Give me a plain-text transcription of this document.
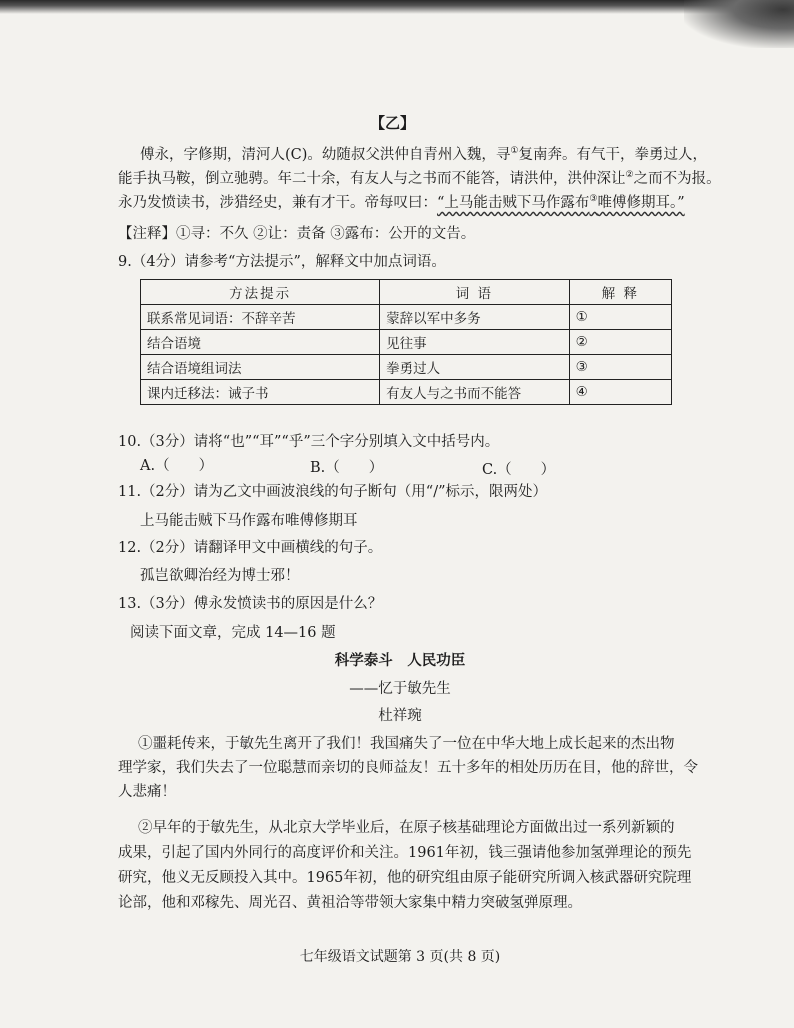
【乙】
傅永，字修期，清河人(C)。幼随叔父洪仲自青州入魏，寻①复南奔。有气干，拳勇过人，
能手执马鞍，倒立驰骋。年二十余，有友人与之书而不能答，请洪仲，洪仲深让②之而不为报。
永乃发愤读书，涉猎经史，兼有才干。帝每叹曰：“上马能击贼下马作露布③唯傅修期耳。”
【注释】①寻：不久 ②让：责备 ③露布：公开的文告。
9.（4分）请参考“方法提示”，解释文中加点词语。
方法提示	词 语	解 释
联系常见词语：不辞辛苦	蒙辞以军中多务	①
结合语境	见往事	②
结合语境组词法	拳勇过人	③
课内迁移法：诫子书	有友人与之书而不能答	④
10.（3分）请将“也”“耳”“乎”三个字分别填入文中括号内。
A.（　　）	B.（　　）	C.（　　）
11.（2分）请为乙文中画波浪线的句子断句（用“/”标示，限两处）
上马能击贼下马作露布唯傅修期耳
12.（2分）请翻译甲文中画横线的句子。
孤岂欲卿治经为博士邪！
13.（3分）傅永发愤读书的原因是什么？
阅读下面文章，完成 14—16 题
科学泰斗　人民功臣
——忆于敏先生
杜祥琬
①噩耗传来，于敏先生离开了我们！我国痛失了一位在中华大地上成长起来的杰出物
理学家，我们失去了一位聪慧而亲切的良师益友！五十多年的相处历历在目，他的辞世，令
人悲痛！
②早年的于敏先生，从北京大学毕业后，在原子核基础理论方面做出过一系列新颖的
成果，引起了国内外同行的高度评价和关注。1961年初，钱三强请他参加氢弹理论的预先
研究，他义无反顾投入其中。1965年初，他的研究组由原子能研究所调入核武器研究院理
论部，他和邓稼先、周光召、黄祖洽等带领大家集中精力突破氢弹原理。
七年级语文试题第 3 页(共 8 页)
